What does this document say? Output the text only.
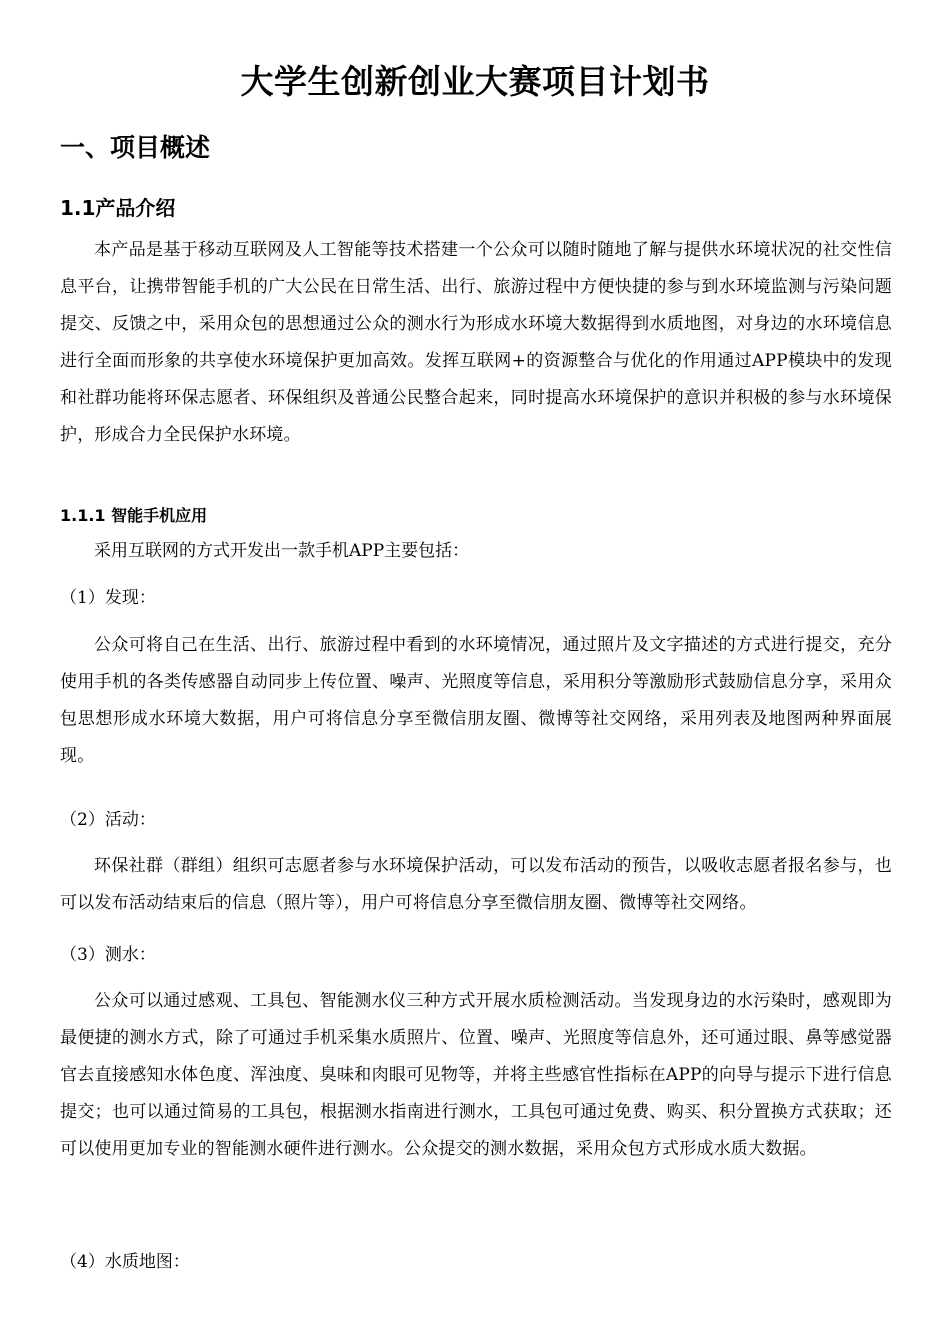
大学生创新创业大赛项目计划书
一、项目概述
1.1产品介绍

本产品是基于移动互联网及人工智能等技术搭建一个公众可以随时随地了解与提供水环境状况的社交性信息平台，让携带智能手机的广大公民在日常生活、出行、旅游过程中方便快捷的参与到水环境监测与污染问题提交、反馈之中，采用众包的思想通过公众的测水行为形成水环境大数据得到水质地图，对身边的水环境信息进行全面而形象的共享使水环境保护更加高效。发挥互联网+的资源整合与优化的作用通过APP模块中的发现和社群功能将环保志愿者、环保组织及普通公民整合起来，同时提高水环境保护的意识并积极的参与水环境保护，形成合力全民保护水环境。

1.1.1 智能手机应用

采用互联网的方式开发出一款手机APP主要包括：

（1）发现：

公众可将自己在生活、出行、旅游过程中看到的水环境情况，通过照片及文字描述的方式进行提交，充分使用手机的各类传感器自动同步上传位置、噪声、光照度等信息，采用积分等激励形式鼓励信息分享，采用众包思想形成水环境大数据，用户可将信息分享至微信朋友圈、微博等社交网络，采用列表及地图两种界面展现。

（2）活动：

环保社群（群组）组织可志愿者参与水环境保护活动，可以发布活动的预告，以吸收志愿者报名参与，也可以发布活动结束后的信息（照片等），用户可将信息分享至微信朋友圈、微博等社交网络。

（3）测水：

公众可以通过感观、工具包、智能测水仪三种方式开展水质检测活动。当发现身边的水污染时，感观即为最便捷的测水方式，除了可通过手机采集水质照片、位置、噪声、光照度等信息外，还可通过眼、鼻等感觉器官去直接感知水体色度、浑浊度、臭味和肉眼可见物等，并将主些感官性指标在APP的向导与提示下进行信息提交；也可以通过简易的工具包，根据测水指南进行测水，工具包可通过免费、购买、积分置换方式获取；还可以使用更加专业的智能测水硬件进行测水。公众提交的测水数据，采用众包方式形成水质大数据。

（4）水质地图：
